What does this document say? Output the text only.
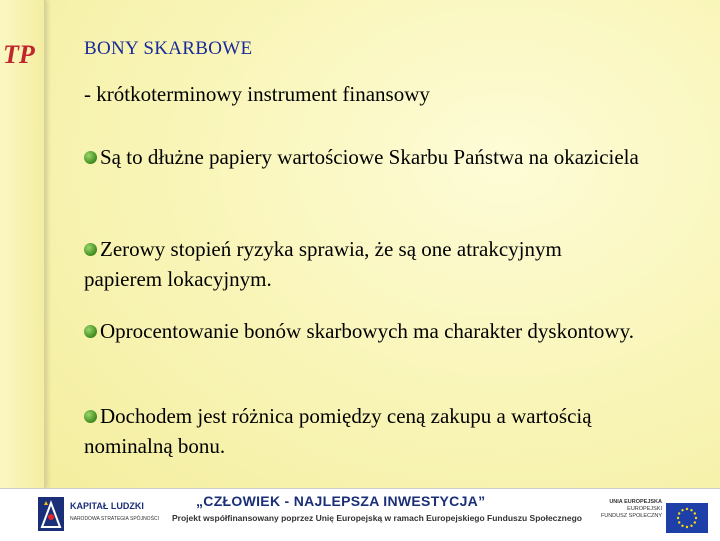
TP	BONY SKARBOWE
- krótkoterminowy instrument finansowy
Są to dłużne papiery wartościowe Skarbu Państwa na okaziciela
Zerowy stopień ryzyka sprawia, że są one atrakcyjnym papierem lokacyjnym.
Oprocentowanie bonów skarbowych ma charakter dyskontowy.
Dochodem jest różnica pomiędzy ceną zakupu a wartością nominalną bonu.
KAPITAŁ LUDZKI
NARODOWA STRATEGIA SPÓJNOŚCI
„CZŁOWIEK - NAJLEPSZA INWESTYCJA”
Projekt współfinansowany poprzez Unię Europejską w ramach Europejskiego Funduszu Społecznego
UNIA EUROPEJSKA
EUROPEJSKI
FUNDUSZ SPOŁECZNY
